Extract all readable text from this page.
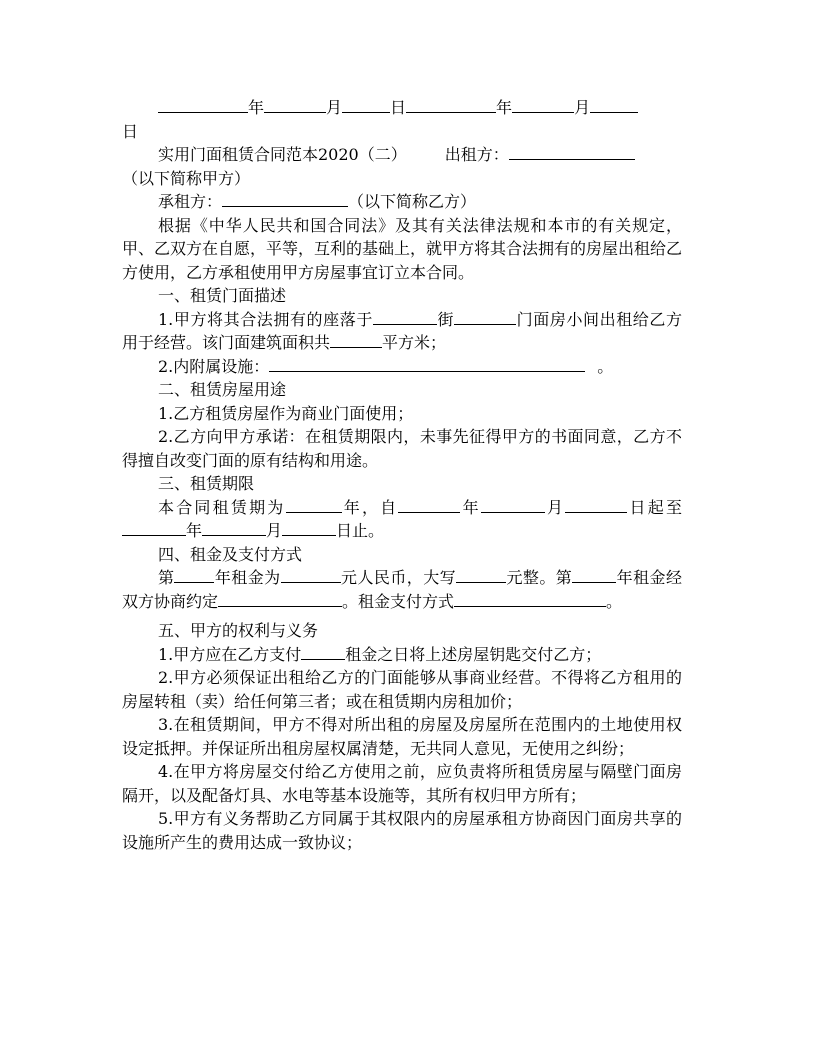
年	月	日	年	月
日
实用门面租赁合同范本2020（二） 出租方：
（以下简称甲方）
承租方：	（以下简称乙方）
根据《中华人民共和国合同法》及其有关法律法规和本市的有关规定，甲、乙双方在自愿，平等，互利的基础上，就甲方将其合法拥有的房屋出租给乙方使用，乙方承租使用甲方房屋事宜订立本合同。
一、租赁门面描述
1.甲方将其合法拥有的座落于	街	门面房小间出租给乙方用于经营。该门面建筑面积共	平方米；
2.内附属设施：	。
二、租赁房屋用途
1.乙方租赁房屋作为商业门面使用；
2.乙方向甲方承诺：在租赁期限内，未事先征得甲方的书面同意，乙方不得擅自改变门面的原有结构和用途。
三、租赁期限
本合同租赁期为	年，自	年	月	日起至年	月	日止。
四、租金及支付方式
第	年租金为	元人民币，大写	元整。第	年租金经双方协商约定	。租金支付方式	。
五、甲方的权利与义务
1.甲方应在乙方支付	租金之日将上述房屋钥匙交付乙方；
2.甲方必须保证出租给乙方的门面能够从事商业经营。不得将乙方租用的房屋转租（卖）给任何第三者；或在租赁期内房租加价；
3.在租赁期间，甲方不得对所出租的房屋及房屋所在范围内的土地使用权设定抵押。并保证所出租房屋权属清楚，无共同人意见，无使用之纠纷；
4.在甲方将房屋交付给乙方使用之前，应负责将所租赁房屋与隔壁门面房隔开，以及配备灯具、水电等基本设施等，其所有权归甲方所有；
5.甲方有义务帮助乙方同属于其权限内的房屋承租方协商因门面房共享的设施所产生的费用达成一致协议；
